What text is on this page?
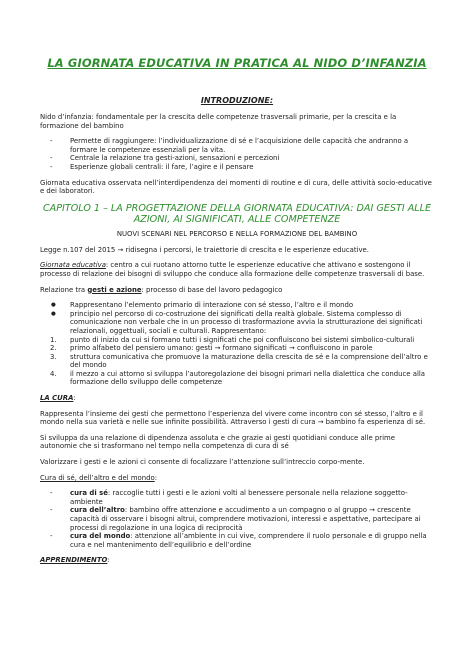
LA GIORNATA EDUCATIVA IN PRATICA AL NIDO D’INFANZIA
INTRODUZIONE:

Nido d’infanzia: fondamentale per la crescita delle competenze trasversali primarie, per la crescita e la formazione del bambino

- Permette di raggiungere: l’individualizzazione di sé e l’acquisizione delle capacità che andranno a formare le competenze essenziali per la vita.
- Centrale la relazione tra gesti-azioni, sensazioni e percezioni
- Esperienze globali centrali: il fare, l’agire e il pensare

Giornata educativa osservata nell’interdipendenza dei momenti di routine e di cura, delle attività socio-educative e dei laboratori.

CAPITOLO 1 – LA PROGETTAZIONE DELLA GIORNATA EDUCATIVA: DAI GESTI ALLE AZIONI, AI SIGNIFICATI, ALLE COMPETENZE
NUOVI SCENARI NEL PERCORSO E NELLA FORMAZIONE DEL BAMBINO

Legge n.107 del 2015 → ridisegna i percorsi, le traiettorie di crescita e le esperienze educative.

Giornata educativa: centro a cui ruotano attorno tutte le esperienze educative che attivano e sostengono il processo di relazione dei bisogni di sviluppo che conduce alla formazione delle competenze trasversali di base.

Relazione tra gesti e azione: processo di base del lavoro pedagogico

● Rappresentano l’elemento primario di interazione con sé stesso, l’altro e il mondo
● principio nel percorso di co-costruzione dei significati della realtà globale. Sistema complesso di comunicazione non verbale che in un processo di trasformazione avvia la strutturazione dei significati relazionali, oggettuali, sociali e culturali. Rappresentano:
1. punto di inizio da cui si formano tutti i significati che poi confluiscono bei sistemi simbolico-culturali
2. primo alfabeto del pensiero umano: gesti → formano significati → confluiscono in parole
3. struttura comunicativa che promuove la maturazione della crescita de sé e la comprensione dell’altro e del mondo
4. il mezzo a cui attorno si sviluppa l’autoregolazione dei bisogni primari nella dialettica che conduce alla formazione dello sviluppo delle competenze

LA CURA:

Rappresenta l’insieme dei gesti che permettono l’esperienza del vivere come incontro con sé stesso, l’altro e il mondo nella sua varietà e nelle sue infinite possibilità. Attraverso i gesti di cura → bambino fa esperienza di sé.

Si sviluppa da una relazione di dipendenza assoluta e che grazie ai gesti quotidiani conduce alle prime autonomie che si trasformano nel tempo nella competenza di cura di sé

Valorizzare i gesti e le azioni ci consente di focalizzare l’attenzione sull’intreccio corpo-mente.

Cura di sé, dell’altro e del mondo:

- cura di sé: raccoglie tutti i gesti e le azioni volti al benessere personale nella relazione soggetto-ambiente
- cura dell’altro: bambino offre attenzione e accudimento a un compagno o al gruppo → crescente capacità di osservare i bisogni altrui, comprendere motivazioni, interessi e aspettative, partecipare ai processi di regolazione in una logica di reciprocità
- cura del mondo: attenzione all’ambiente in cui vive, comprendere il ruolo personale e di gruppo nella cura e nel mantenimento dell’equilibrio e dell’ordine

APPRENDIMENTO:
